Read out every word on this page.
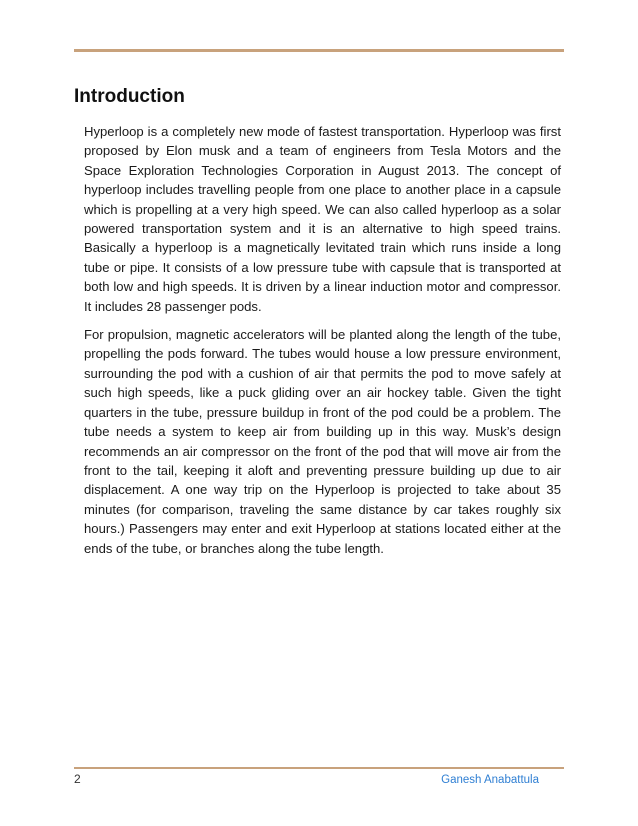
Introduction

Hyperloop is a completely new mode of fastest transportation. Hyperloop was first proposed by Elon musk and a team of engineers from Tesla Motors and the Space Exploration Technologies Corporation in August 2013. The concept of hyperloop includes travelling people from one place to another place in a capsule which is propelling at a very high speed. We can also called hyperloop as a solar powered transportation system and it is an alternative to high speed trains. Basically a hyperloop is a magnetically levitated train which runs inside a long tube or pipe. It consists of a low pressure tube with capsule that is transported at both low and high speeds. It is driven by a linear induction motor and compressor. It includes 28 passenger pods.

For propulsion, magnetic accelerators will be planted along the length of the tube, propelling the pods forward. The tubes would house a low pressure environment, surrounding the pod with a cushion of air that permits the pod to move safely at such high speeds, like a puck gliding over an air hockey table. Given the tight quarters in the tube, pressure buildup in front of the pod could be a problem. The tube needs a system to keep air from building up in this way. Musk’s design recommends an air compressor on the front of the pod that will move air from the front to the tail, keeping it aloft and preventing pressure building up due to air displacement. A one way trip on the Hyperloop is projected to take about 35 minutes (for comparison, traveling the same distance by car takes roughly six hours.) Passengers may enter and exit Hyperloop at stations located either at the ends of the tube, or branches along the tube length.

2	Ganesh Anabattula
